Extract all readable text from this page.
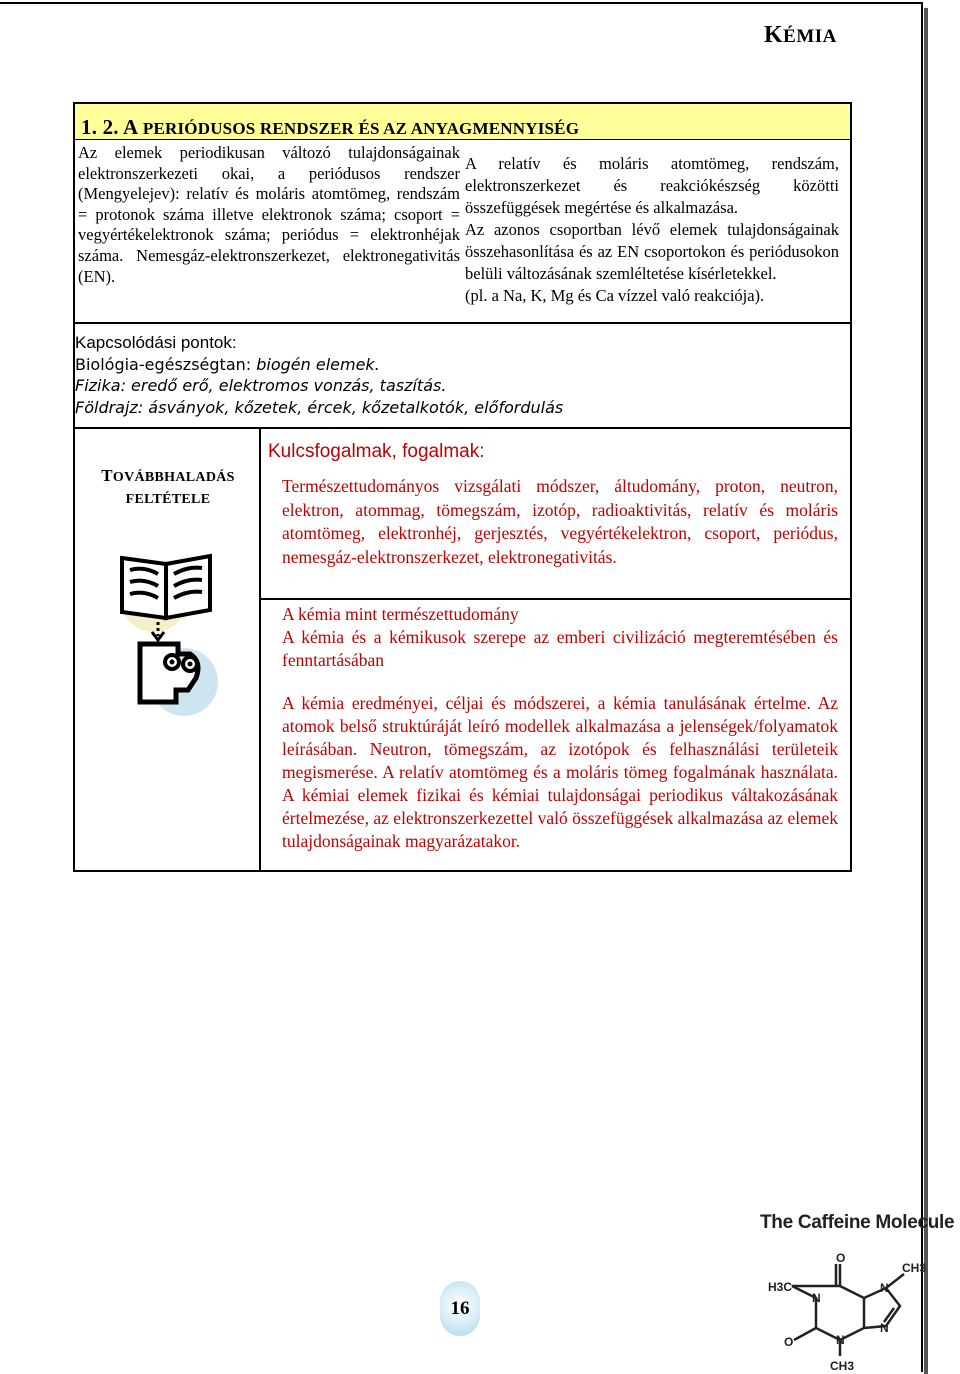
KÉMIA
1. 2. A PERIÓDUSOS RENDSZER ÉS AZ ANYAGMENNYISÉG

Az elemek periodikusan változó tulajdonságainak elektronszerkezeti okai, a periódusos rendszer (Mengyelejev): relatív és moláris atomtömeg, rendszám = protonok száma illetve elektronok száma; csoport = vegyértékelektronok száma; periódus = elektronhéjak száma. Nemesgáz-elektronszerkezet, elektronegativitás (EN).

A relatív és moláris atomtömeg, rendszám, elektronszerkezet és reakciókészség közötti összefüggések megértése és alkalmazása.

Az azonos csoportban lévő elemek tulajdonságainak összehasonlítása és az EN csoportokon és periódusokon belüli változásának szemléltetése kísérletekkel.

(pl. a Na, K, Mg és Ca vízzel való reakciója).

Kapcsolódási pontok:
Biológia-egészségtan: biogén elemek.
Fizika: eredő erő, elektromos vonzás, taszítás.
Földrajz: ásványok, kőzetek, ércek, kőzetalkotók, előfordulás
TOVÁBBHALADÁS
FELTÉTELE
Kulcsfogalmak, fogalmak:
Természettudományos vizsgálati módszer, áltudomány, proton, neutron, elektron, atommag, tömegszám, izotóp, radioaktivitás, relatív és moláris atomtömeg, elektronhéj, gerjesztés, vegyértékelektron, csoport, periódus, nemesgáz-elektronszerkezet, elektronegativitás.

A kémia mint természettudomány

A kémia és a kémikusok szerepe az emberi civilizáció megteremtésében és fenntartásában

A kémia eredményei, céljai és módszerei, a kémia tanulásának értelme. Az atomok belső struktúráját leíró modellek alkalmazása a jelenségek/folyamatok leírásában. Neutron, tömegszám, az izotópok és felhasználási területeik megismerése. A relatív atomtömeg és a moláris tömeg fogalmának használata. A kémiai elemek fizikai és kémiai tulajdonságai periodikus váltakozásának értelmezése, az elektronszerkezettel való összefüggések alkalmazása az elemek tulajdonságainak magyarázatakor.

16
The Caffeine Molecule
H3C
N
O
N
CH3
N
O	N
CH3
